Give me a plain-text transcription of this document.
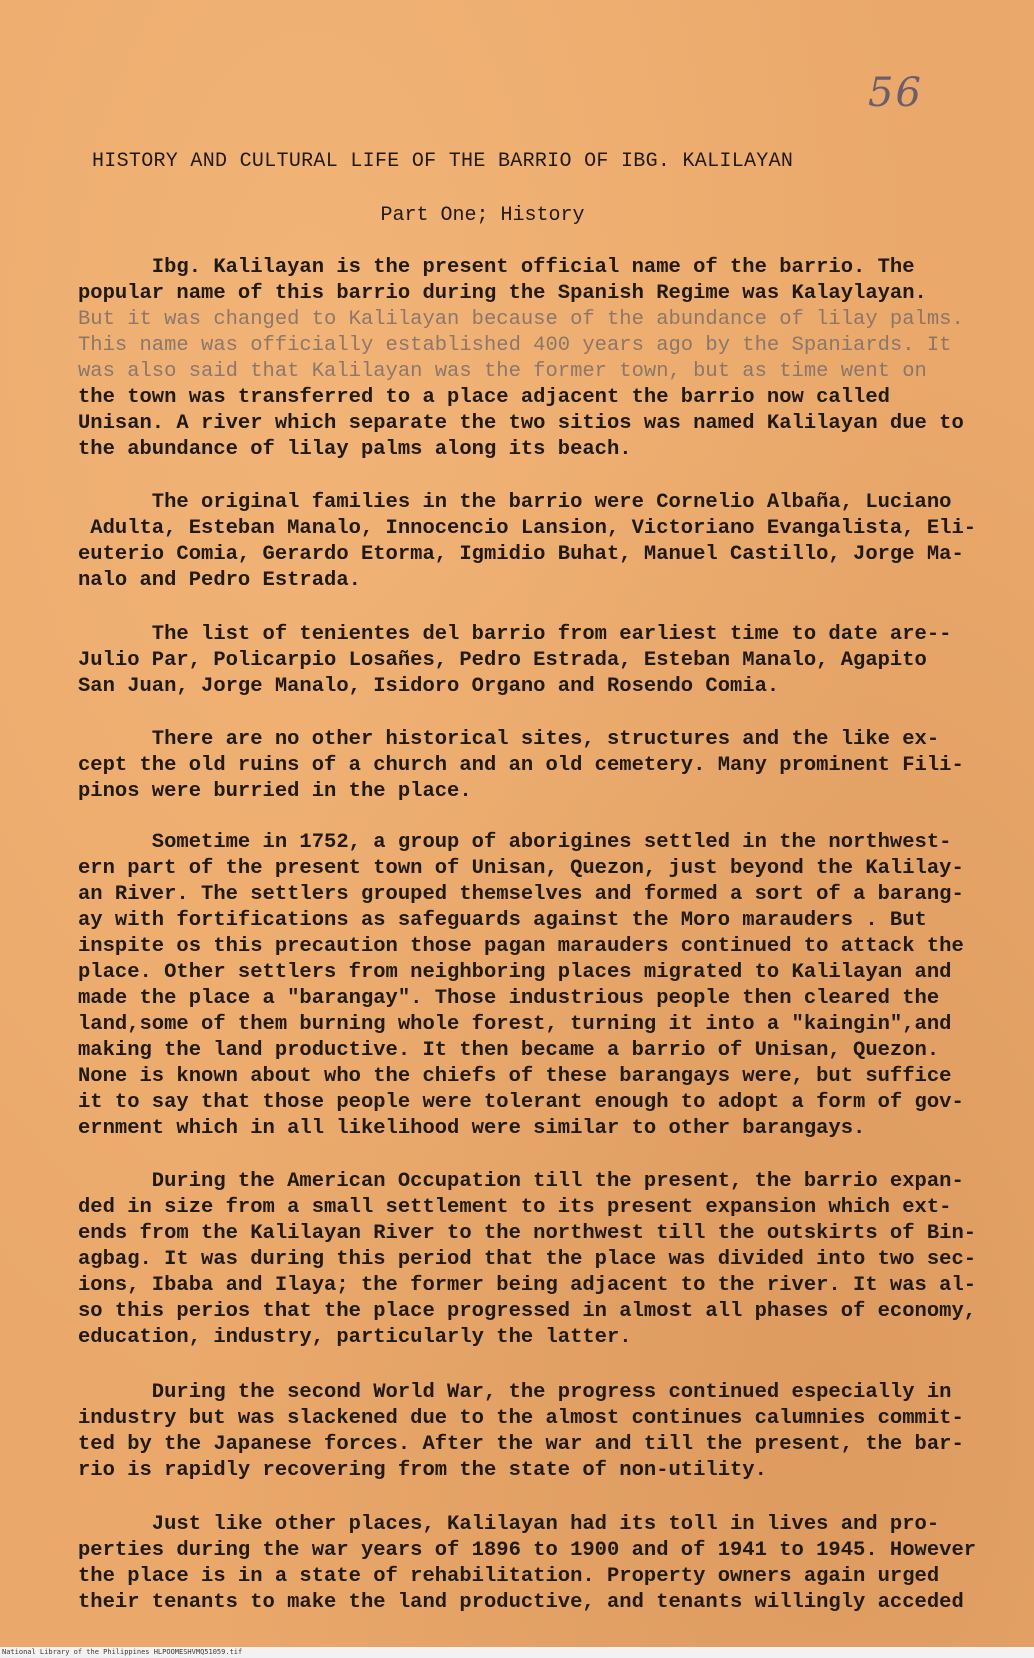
56
HISTORY AND CULTURAL LIFE OF THE BARRIO OF IBG. KALILAYAN
Part One; History
Ibg. Kalilayan is the present official name of the barrio. The
popular name of this barrio during the Spanish Regime was Kalaylayan.
But it was changed to Kalilayan because of the abundance of lilay palms.
This name was officially established 400 years ago by the Spaniards. It
was also said that Kalilayan was the former town, but as time went on
the town was transferred to a place adjacent the barrio now called
Unisan. A river which separate the two sitios was named Kalilayan due to
the abundance of lilay palms along its beach.
The original families in the barrio were Cornelio Albaña, Luciano
Adulta, Esteban Manalo, Innocencio Lansion, Victoriano Evangalista, Eli-
euterio Comia, Gerardo Etorma, Igmidio Buhat, Manuel Castillo, Jorge Ma-
nalo and Pedro Estrada.
The list of tenientes del barrio from earliest time to date are--
Julio Par, Policarpio Losañes, Pedro Estrada, Esteban Manalo, Agapito
San Juan, Jorge Manalo, Isidoro Organo and Rosendo Comia.
There are no other historical sites, structures and the like ex-
cept the old ruins of a church and an old cemetery. Many prominent Fili-
pinos were burried in the place.
Sometime in 1752, a group of aborigines settled in the northwest-
ern part of the present town of Unisan, Quezon, just beyond the Kalilay-
an River. The settlers grouped themselves and formed a sort of a barang-
ay with fortifications as safeguards against the Moro marauders . But
inspite os this precaution those pagan marauders continued to attack the
place. Other settlers from neighboring places migrated to Kalilayan and
made the place a "barangay". Those industrious people then cleared the
land,some of them burning whole forest, turning it into a "kaingin",and
making the land productive. It then became a barrio of Unisan, Quezon.
None is known about who the chiefs of these barangays were, but suffice
it to say that those people were tolerant enough to adopt a form of gov-
ernment which in all likelihood were similar to other barangays.
During the American Occupation till the present, the barrio expan-
ded in size from a small settlement to its present expansion which ext-
ends from the Kalilayan River to the northwest till the outskirts of Bin-
agbag. It was during this period that the place was divided into two sec-
ions, Ibaba and Ilaya; the former being adjacent to the river. It was al-
so this perios that the place progressed in almost all phases of economy,
education, industry, particularly the latter.
During the second World War, the progress continued especially in
industry but was slackened due to the almost continues calumnies commit-
ted by the Japanese forces. After the war and till the present, the bar-
rio is rapidly recovering from the state of non-utility.
Just like other places, Kalilayan had its toll in lives and pro-
perties during the war years of 1896 to 1900 and of 1941 to 1945. However
the place is in a state of rehabilitation. Property owners again urged
their tenants to make the land productive, and tenants willingly acceded
National Library of the Philippines HLPOOMESHVMQ51059.tif
